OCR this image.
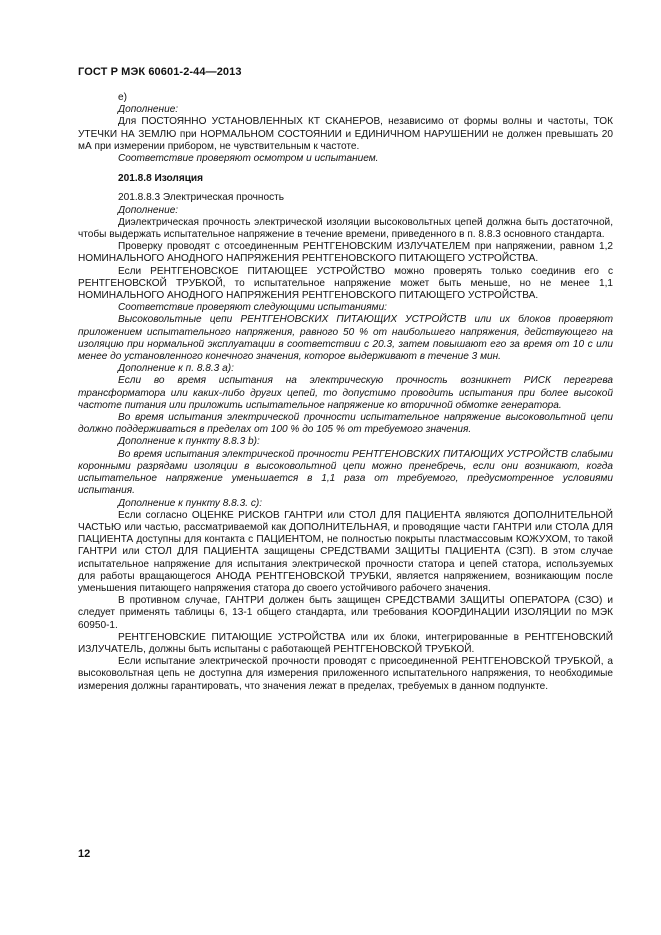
ГОСТ Р МЭК 60601-2-44—2013

е)

Дополнение:

Для ПОСТОЯННО УСТАНОВЛЕННЫХ КТ СКАНЕРОВ, независимо от формы волны и частоты, ТОК УТЕЧКИ НА ЗЕМЛЮ при НОРМАЛЬНОМ СОСТОЯНИИ и ЕДИНИЧНОМ НАРУШЕНИИ не должен превышать 20 мА при измерении прибором, не чувствительным к частоте.

Соответствие проверяют осмотром и испытанием.

201.8.8 Изоляция

201.8.8.3 Электрическая прочность

Дополнение:

Диэлектрическая прочность электрической изоляции высоковольтных цепей должна быть достаточной, чтобы выдержать испытательное напряжение в течение времени, приведенного в п. 8.8.3 основного стандарта.

Проверку проводят с отсоединенным РЕНТГЕНОВСКИМ ИЗЛУЧАТЕЛЕМ при напряжении, равном 1,2 НОМИНАЛЬНОГО АНОДНОГО НАПРЯЖЕНИЯ РЕНТГЕНОВСКОГО ПИТАЮЩЕГО УСТРОЙСТВА.

Если РЕНТГЕНОВСКОЕ ПИТАЮЩЕЕ УСТРОЙСТВО можно проверять только соединив его с РЕНТГЕНОВСКОЙ ТРУБКОЙ, то испытательное напряжение может быть меньше, но не менее 1,1 НОМИНАЛЬНОГО АНОДНОГО НАПРЯЖЕНИЯ РЕНТГЕНОВСКОГО ПИТАЮЩЕГО УСТРОЙСТВА.

Соответствие проверяют следующими испытаниями:

Высоковольтные цепи РЕНТГЕНОВСКИХ ПИТАЮЩИХ УСТРОЙСТВ или их блоков проверяют приложением испытательного напряжения, равного 50 % от наибольшего напряжения, действующего на изоляцию при нормальной эксплуатации в соответствии с 20.3, затем повышают его за время от 10 с или менее до установленного конечного значения, которое выдерживают в течение 3 мин.

Дополнение к п. 8.8.3 а):

Если во время испытания на электрическую прочность возникнет РИСК перегрева трансформатора или каких-либо других цепей, то допустимо проводить испытания при более высокой частоте питания или приложить испытательное напряжение ко вторичной обмотке генератора.

Во время испытания электрической прочности испытательное напряжение высоковольтной цепи должно поддерживаться в пределах от 100 % до 105 % от требуемого значения.

Дополнение к пункту 8.8.3 b):

Во время испытания электрической прочности РЕНТГЕНОВСКИХ ПИТАЮЩИХ УСТРОЙСТВ слабыми коронными разрядами изоляции в высоковольтной цепи можно пренебречь, если они возникают, когда испытательное напряжение уменьшается в 1,1 раза от требуемого, предусмотренное условиями испытания.

Дополнение к пункту 8.8.3. с):

Если согласно ОЦЕНКЕ РИСКОВ ГАНТРИ или СТОЛ ДЛЯ ПАЦИЕНТА являются ДОПОЛНИТЕЛЬНОЙ ЧАСТЬЮ или частью, рассматриваемой как ДОПОЛНИТЕЛЬНАЯ, и проводящие части ГАНТРИ или СТОЛА ДЛЯ ПАЦИЕНТА доступны для контакта с ПАЦИЕНТОМ, не полностью покрыты пластмассовым КОЖУХОМ, то такой ГАНТРИ или СТОЛ ДЛЯ ПАЦИЕНТА защищены СРЕДСТВАМИ ЗАЩИТЫ ПАЦИЕНТА (СЗП). В этом случае испытательное напряжение для испытания электрической прочности статора и цепей статора, используемых для работы вращающегося АНОДА РЕНТГЕНОВСКОЙ ТРУБКИ, является напряжением, возникающим после уменьшения питающего напряжения статора до своего устойчивого рабочего значения.

В противном случае, ГАНТРИ должен быть защищен СРЕДСТВАМИ ЗАЩИТЫ ОПЕРАТОРА (СЗО) и следует применять таблицы 6, 13-1 общего стандарта, или требования КООРДИНАЦИИ ИЗОЛЯЦИИ по МЭК 60950-1.

РЕНТГЕНОВСКИЕ ПИТАЮЩИЕ УСТРОЙСТВА или их блоки, интегрированные в РЕНТГЕНОВСКИЙ ИЗЛУЧАТЕЛЬ, должны быть испытаны с работающей РЕНТГЕНОВСКОЙ ТРУБКОЙ.

Если испытание электрической прочности проводят с присоединенной РЕНТГЕНОВСКОЙ ТРУБКОЙ, а высоковольтная цепь не доступна для измерения приложенного испытательного напряжения, то необходимые измерения должны гарантировать, что значения лежат в пределах, требуемых в данном подпункте.

12
